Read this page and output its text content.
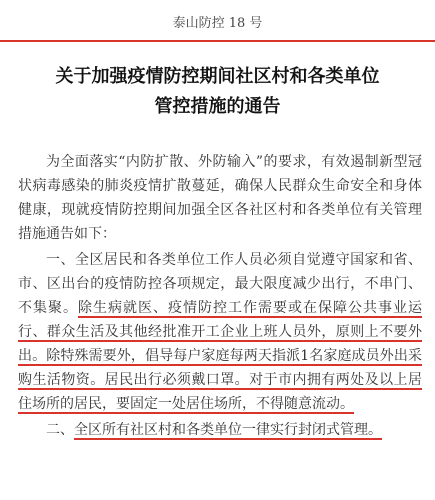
泰山防控 18 号
关于加强疫情防控期间社区村和各类单位
管控措施的通告

为全面落实“内防扩散、外防输入”的要求，有效遏制新型冠状病毒感染的肺炎疫情扩散蔓延，确保人民群众生命安全和身体健康，现就疫情防控期间加强全区各社区村和各类单位有关管理措施通告如下：

一、全区居民和各类单位工作人员必须自觉遵守国家和省、市、区出台的疫情防控各项规定，最大限度减少出行，不串门、不集聚。除生病就医、疫情防控工作需要或在保障公共事业运行、群众生活及其他经批准开工企业上班人员外，原则上不要外出。除特殊需要外，倡导每户家庭每两天指派1名家庭成员外出采购生活物资。居民出行必须戴口罩。对于市内拥有两处及以上居住场所的居民，要固定一处居住场所，不得随意流动。

二、全区所有社区村和各类单位一律实行封闭式管理。
